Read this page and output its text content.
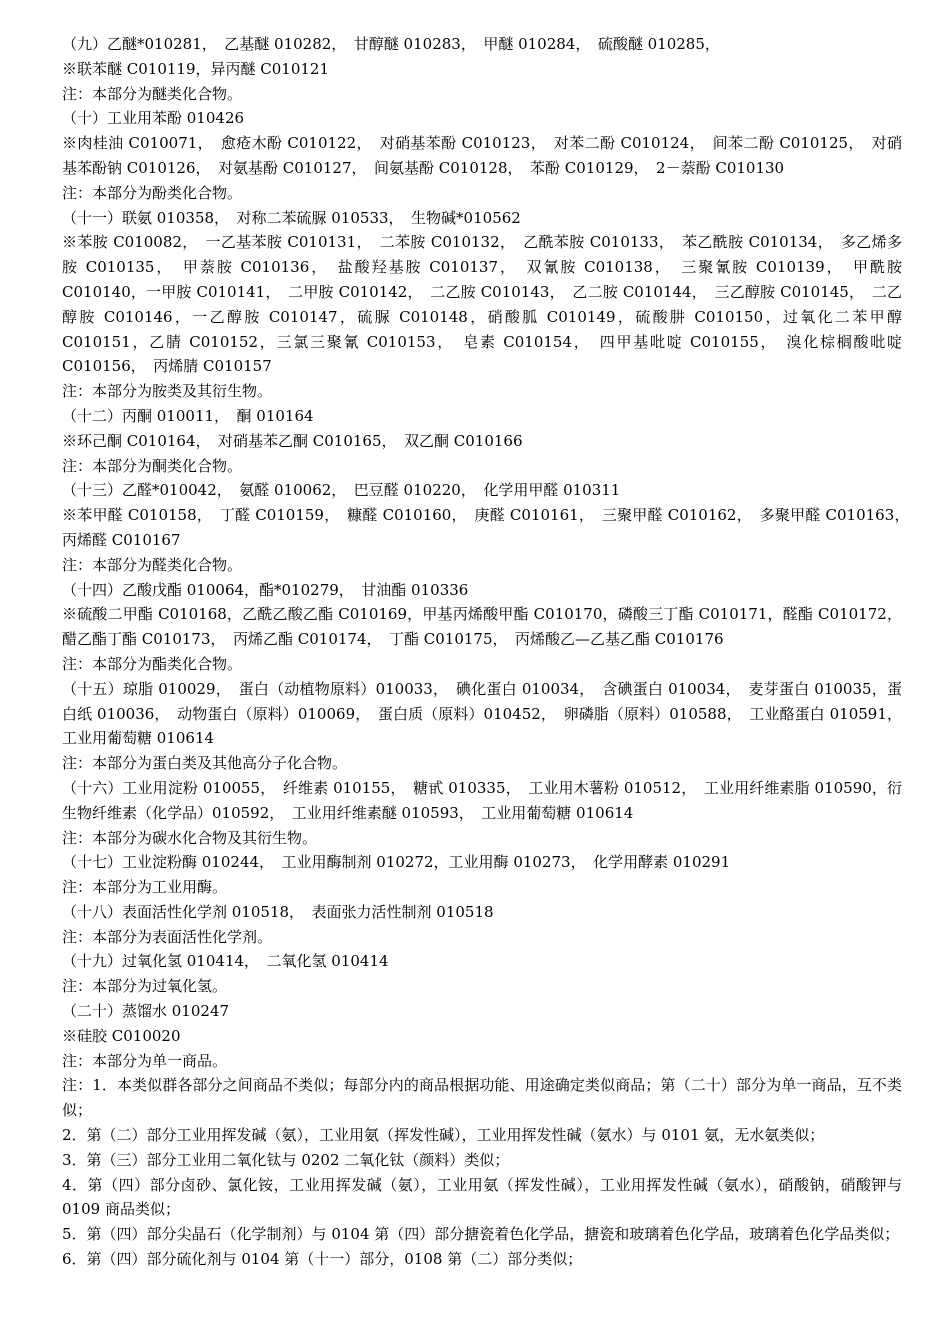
（九）乙醚*010281，　乙基醚 010282，　甘醇醚 010283，　甲醚 010284，　硫酸醚 010285，

※联苯醚 C010119，异丙醚 C010121

注：本部分为醚类化合物。

（十）工业用苯酚 010426

※肉桂油 C010071，　愈疮木酚 C010122，　对硝基苯酚 C010123，　对苯二酚 C010124，　间苯二酚 C010125，　对硝基苯酚钠 C010126，　对氨基酚 C010127，　间氨基酚 C010128，　苯酚 C010129，　2－萘酚 C010130

注：本部分为酚类化合物。

（十一）联氨 010358，　对称二苯硫脲 010533，　生物碱*010562

※苯胺 C010082，　一乙基苯胺 C010131，　二苯胺 C010132，　乙酰苯胺 C010133，　苯乙酰胺 C010134，　多乙烯多胺 C010135，　甲萘胺 C010136，　盐酸羟基胺 C010137，　双氰胺 C010138，　三聚氰胺 C010139，　甲酰胺 C010140，一甲胺 C010141，　二甲胺 C010142，　二乙胺 C010143，　乙二胺 C010144，　三乙醇胺 C010145，　二乙醇胺 C010146，一乙醇胺 C010147，硫脲 C010148，硝酸胍 C010149，硫酸肼 C010150，过氧化二苯甲醇 C010151，乙腈 C010152，三氯三聚氰 C010153，　皂素 C010154，　四甲基吡啶 C010155，　溴化棕榈酸吡啶 C010156，　丙烯腈 C010157

注：本部分为胺类及其衍生物。

（十二）丙酮 010011，　酮 010164

※环己酮 C010164，　对硝基苯乙酮 C010165，　双乙酮 C010166

注：本部分为酮类化合物。

（十三）乙醛*010042，　氨醛 010062，　巴豆醛 010220，　化学用甲醛 010311

※苯甲醛 C010158，　丁醛 C010159，　糠醛 C010160，　庚醛 C010161，　三聚甲醛 C010162，　多聚甲醛 C010163，　丙烯醛 C010167

注：本部分为醛类化合物。

（十四）乙酸戊酯 010064，酯*010279，　甘油酯 010336

※硫酸二甲酯 C010168，乙酰乙酸乙酯 C010169，甲基丙烯酸甲酯 C010170，磷酸三丁酯 C010171，醛酯 C010172，醋乙酯丁酯 C010173，　丙烯乙酯 C010174，　丁酯 C010175，　丙烯酸乙—乙基乙酯 C010176

注：本部分为酯类化合物。

（十五）琼脂 010029，　蛋白（动植物原料）010033，　碘化蛋白 010034，　含碘蛋白 010034，　麦芽蛋白 010035，蛋白纸 010036，　动物蛋白（原料）010069，　蛋白质（原料）010452，　卵磷脂（原料）010588，　工业酪蛋白 010591，工业用葡萄糖 010614

注：本部分为蛋白类及其他高分子化合物。

（十六）工业用淀粉 010055，　纤维素 010155，　糖甙 010335，　工业用木薯粉 010512，　工业用纤维素脂 010590，衍生物纤维素（化学品）010592，　工业用纤维素醚 010593，　工业用葡萄糖 010614

注：本部分为碳水化合物及其衍生物。

（十七）工业淀粉酶 010244，　工业用酶制剂 010272，工业用酶 010273，　化学用酵素 010291

注：本部分为工业用酶。

（十八）表面活性化学剂 010518，　表面张力活性制剂 010518

注：本部分为表面活性化学剂。

（十九）过氧化氢 010414，　二氧化氢 010414

注：本部分为过氧化氢。

（二十）蒸馏水 010247

※硅胶 C010020

注：本部分为单一商品。

注：1．本类似群各部分之间商品不类似；每部分内的商品根据功能、用途确定类似商品；第（二十）部分为单一商品，互不类似；

2．第（二）部分工业用挥发碱（氨），工业用氨（挥发性碱），工业用挥发性碱（氨水）与 0101 氨，无水氨类似；

3．第（三）部分工业用二氧化钛与 0202 二氧化钛（颜料）类似；

4．第（四）部分卤砂、氯化铵，工业用挥发碱（氨），工业用氨（挥发性碱），工业用挥发性碱（氨水），硝酸钠，硝酸钾与 0109 商品类似；

5．第（四）部分尖晶石（化学制剂）与 0104 第（四）部分搪瓷着色化学品，搪瓷和玻璃着色化学品，玻璃着色化学品类似；

6．第（四）部分硫化剂与 0104 第（十一）部分，0108 第（二）部分类似；
